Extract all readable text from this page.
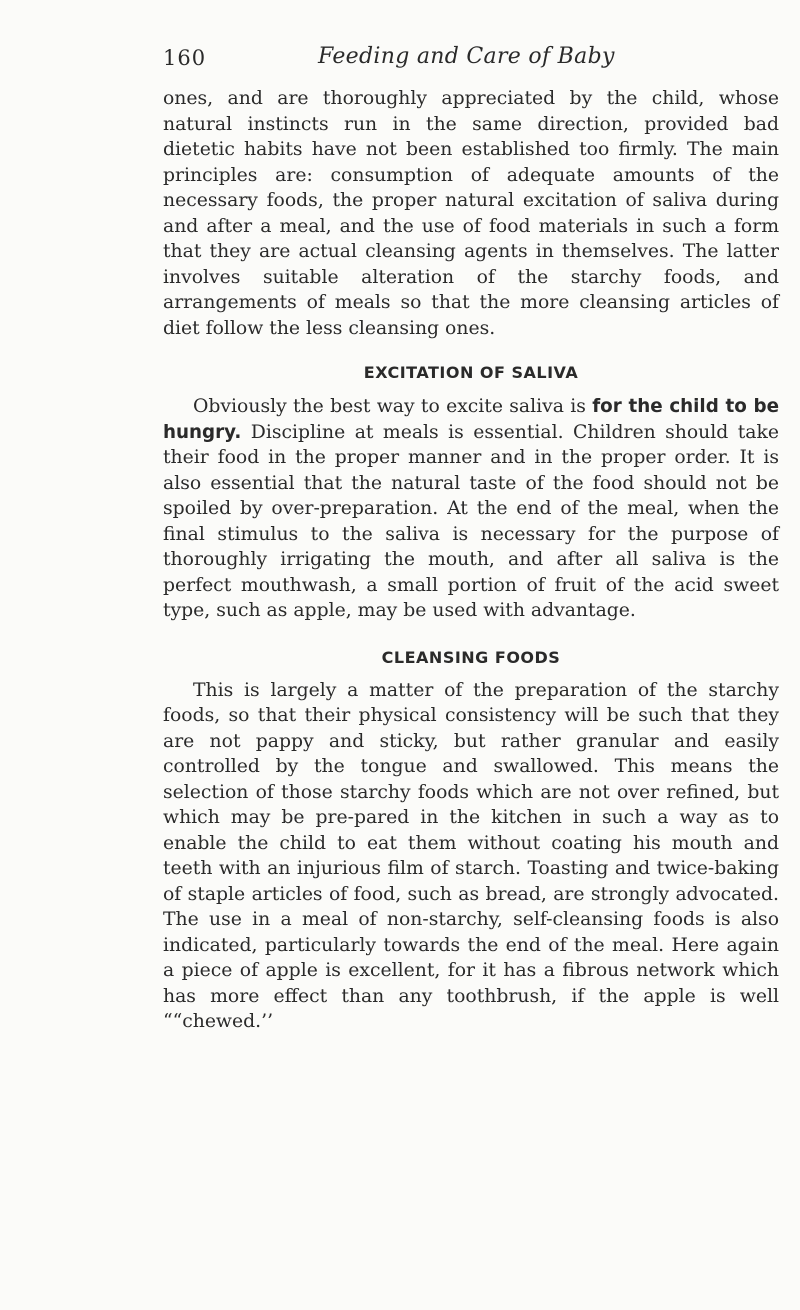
160	Feeding and Care of Baby

ones, and are thoroughly appreciated by the child, whose natural instincts run in the same direction, provided bad dietetic habits have not been established too firmly. The main principles are: consumption of adequate amounts of the necessary foods, the proper natural excitation of saliva during and after a meal, and the use of food materials in such a form that they are actual cleansing agents in themselves. The latter involves suitable alteration of the starchy foods, and arrangements of meals so that the more cleansing articles of diet follow the less cleansing ones.

EXCITATION OF SALIVA

Obviously the best way to excite saliva is for the child to be hungry. Discipline at meals is essential. Children should take their food in the proper manner and in the proper order. It is also essential that the natural taste of the food should not be spoiled by over-preparation. At the end of the meal, when the final stimulus to the saliva is necessary for the purpose of thoroughly irrigating the mouth, and after all saliva is the perfect mouthwash, a small portion of fruit of the acid sweet type, such as apple, may be used with advantage.

CLEANSING FOODS

This is largely a matter of the preparation of the starchy foods, so that their physical consistency will be such that they are not pappy and sticky, but rather granular and easily controlled by the tongue and swallowed. This means the selection of those starchy foods which are not over refined, but which may be pre-pared in the kitchen in such a way as to enable the child to eat them without coating his mouth and teeth with an injurious film of starch. Toasting and twice-baking of staple articles of food, such as bread, are strongly advocated. The use in a meal of non-starchy, self-cleansing foods is also indicated, particularly towards the end of the meal. Here again a piece of apple is excellent, for it has a fibrous network which has more effect than any toothbrush, if the apple is well ““chewed.’’
